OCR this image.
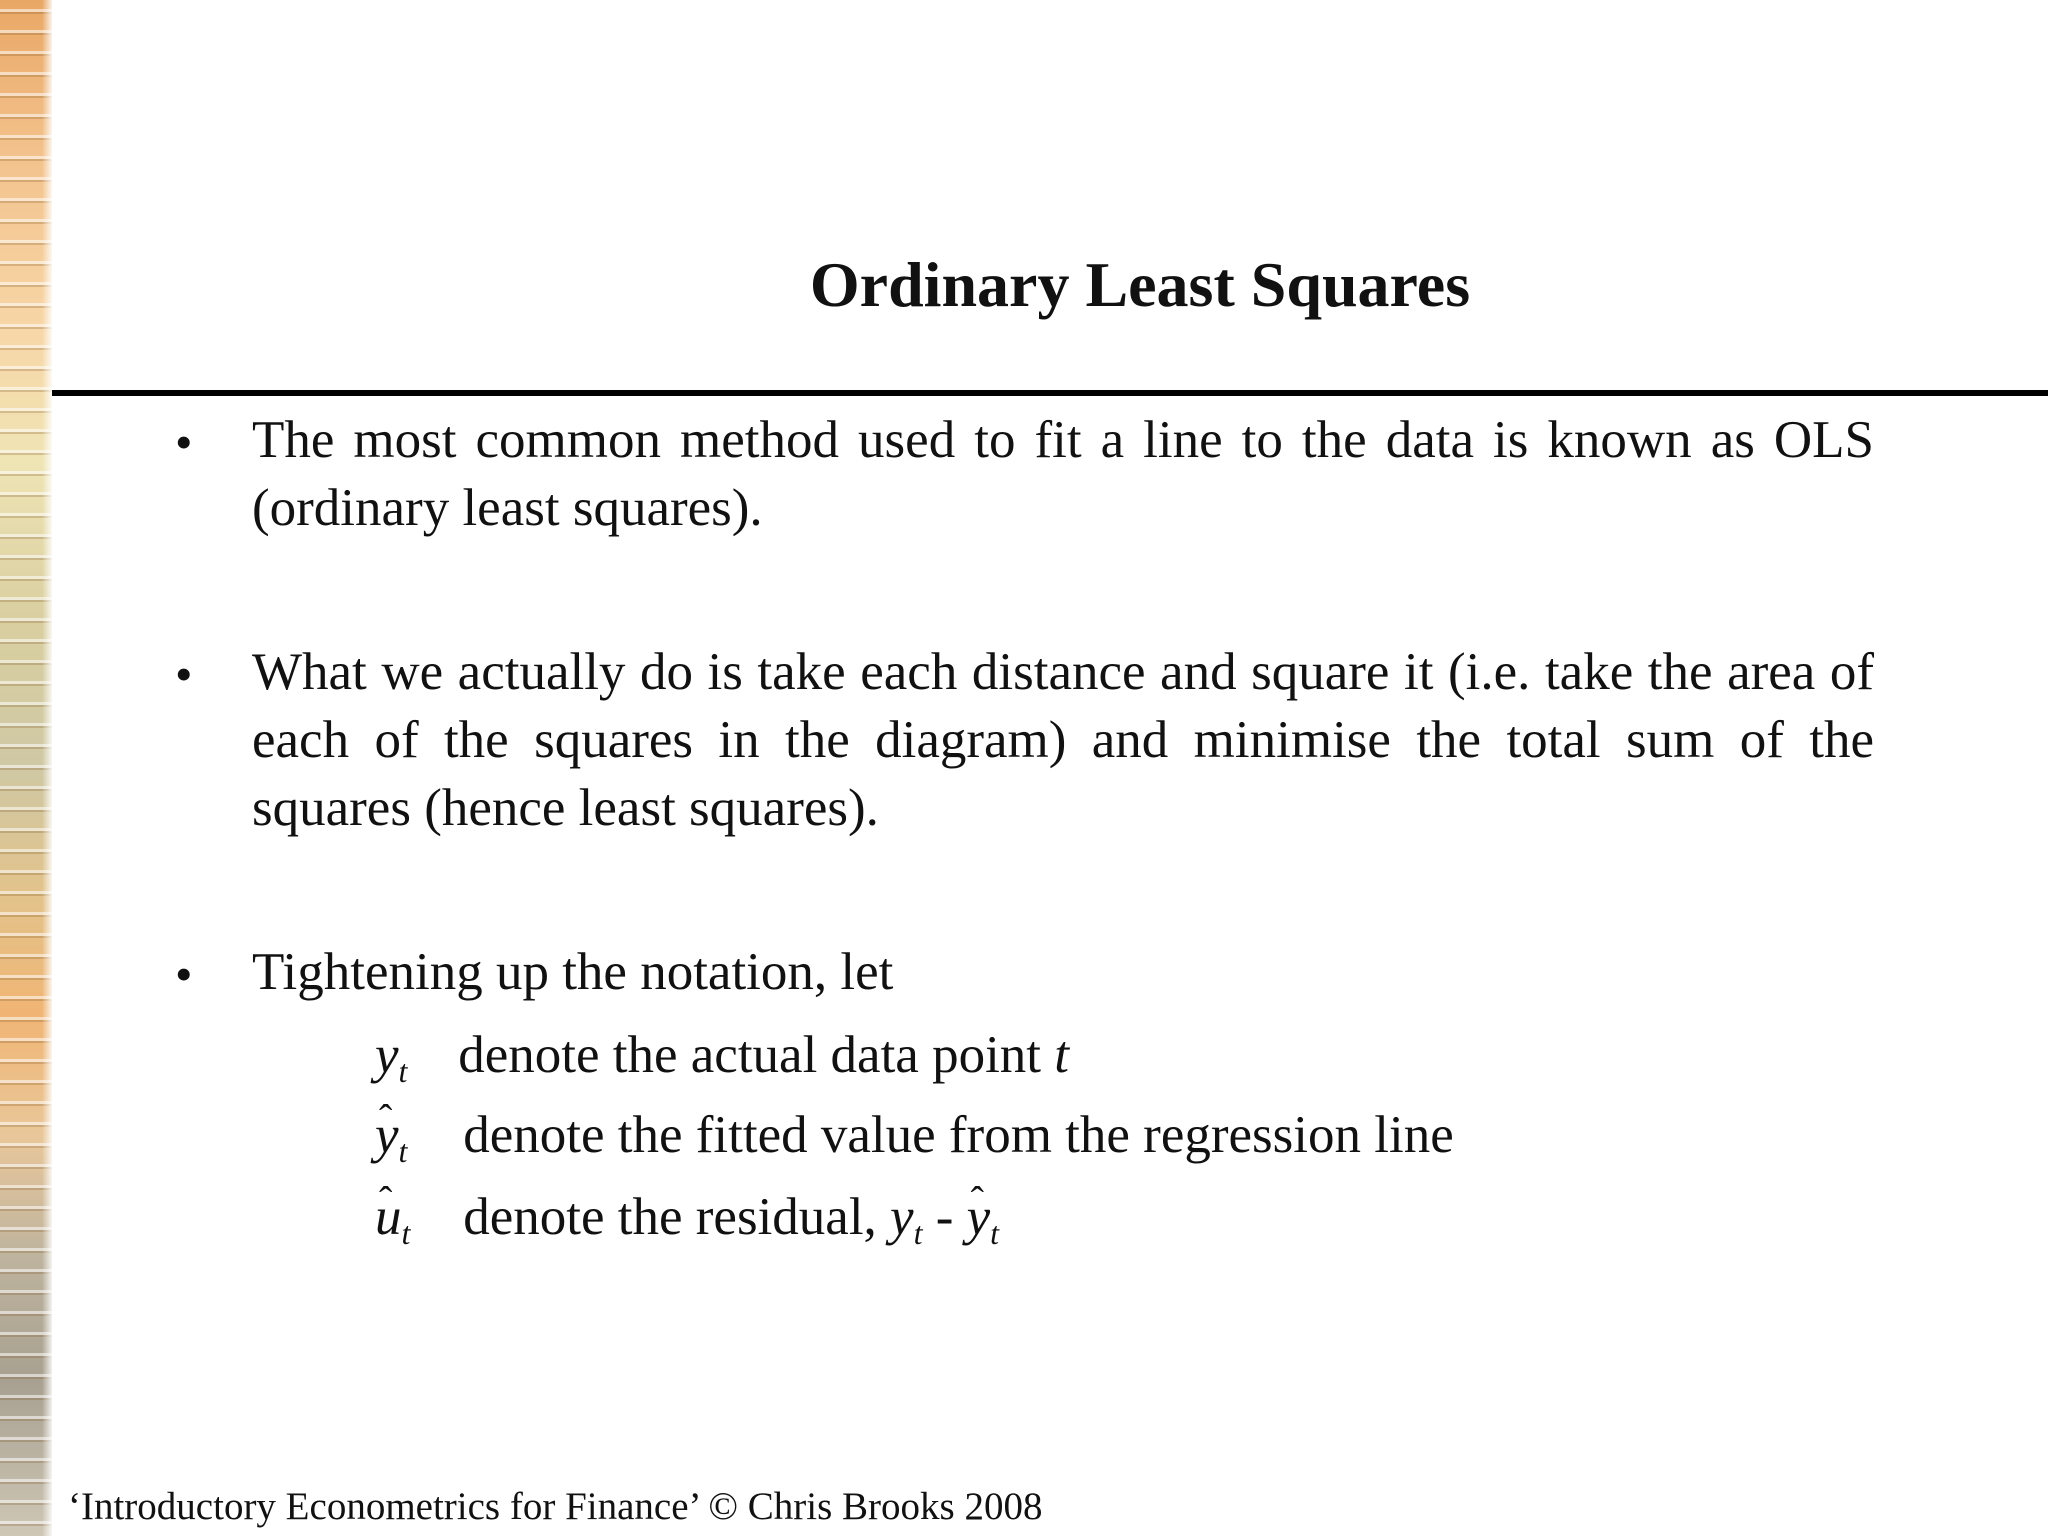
Ordinary Least Squares
• The most common method used to fit a line to the data is known as OLS (ordinary least squares).

• What we actually do is take each distance and square it (i.e. take the area of each of the squares in the diagram) and minimise the total sum of the squares (hence least squares).

• Tightening up the notation, let

$y_t$ denote the actual data point t
ˆ $y_t$ denote the fitted value from the regression line
ˆ $u_t$ denote the residual, $y_t$ - ˆ $y_t$
‘Introductory Econometrics for Finance’ © Chris Brooks 2008
